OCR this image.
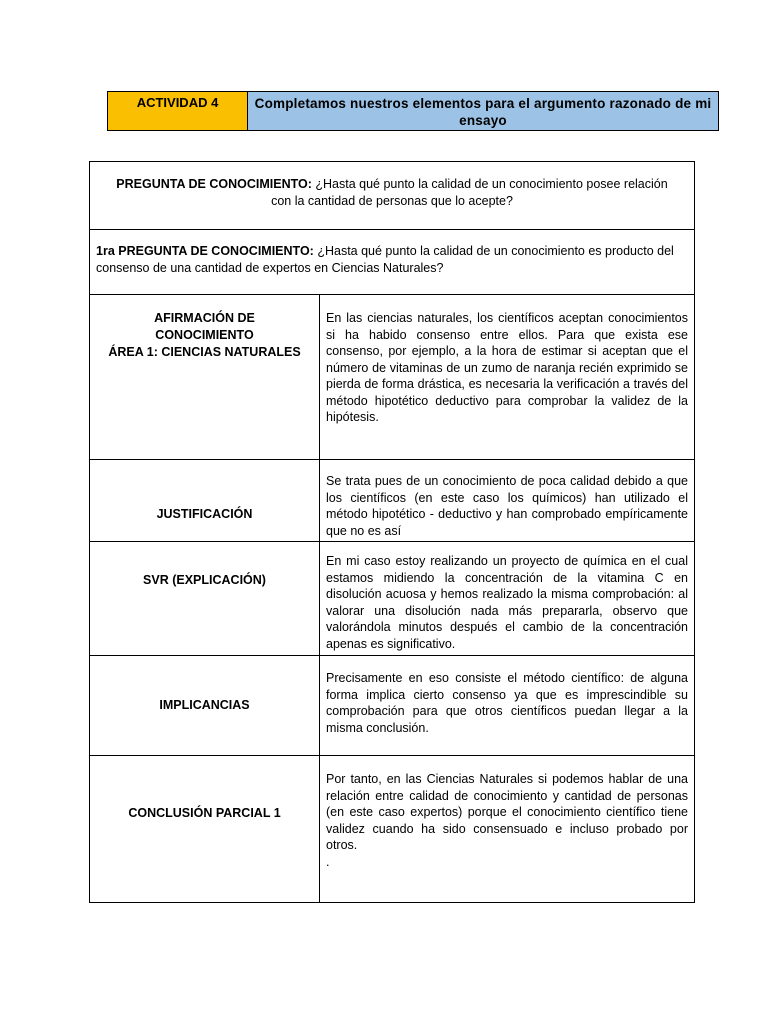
ACTIVIDAD 4	Completamos nuestros elementos para el argumento razonado de mi ensayo
PREGUNTA DE CONOCIMIENTO: ¿Hasta qué punto la calidad de un conocimiento posee relación con la cantidad de personas que lo acepte?
1ra PREGUNTA DE CONOCIMIENTO: ¿Hasta qué punto la calidad de un conocimiento es producto del consenso de una cantidad de expertos en Ciencias Naturales?
AFIRMACIÓN DE
CONOCIMIENTO
ÁREA 1: CIENCIAS NATURALES
En las ciencias naturales, los científicos aceptan conocimientos si ha habido consenso entre ellos. Para que exista ese consenso, por ejemplo, a la hora de estimar si aceptan que el número de vitaminas de un zumo de naranja recién exprimido se pierda de forma drástica, es necesaria la verificación a través del método hipotético deductivo para comprobar la validez de la hipótesis.
JUSTIFICACIÓN
Se trata pues de un conocimiento de poca calidad debido a que los científicos (en este caso los químicos) han utilizado el método hipotético - deductivo y han comprobado empíricamente que no es así
SVR (EXPLICACIÓN)
En mi caso estoy realizando un proyecto de química en el cual estamos midiendo la concentración de la vitamina C en disolución acuosa y hemos realizado la misma comprobación: al valorar una disolución nada más prepararla, observo que valorándola minutos después el cambio de la concentración apenas es significativo.
IMPLICANCIAS
Precisamente en eso consiste el método científico: de alguna forma implica cierto consenso ya que es imprescindible su comprobación para que otros científicos puedan llegar a la misma conclusión.
CONCLUSIÓN PARCIAL 1
Por tanto, en las Ciencias Naturales si podemos hablar de una relación entre calidad de conocimiento y cantidad de personas (en este caso expertos) porque el conocimiento científico tiene validez cuando ha sido consensuado e incluso probado por otros.
.
